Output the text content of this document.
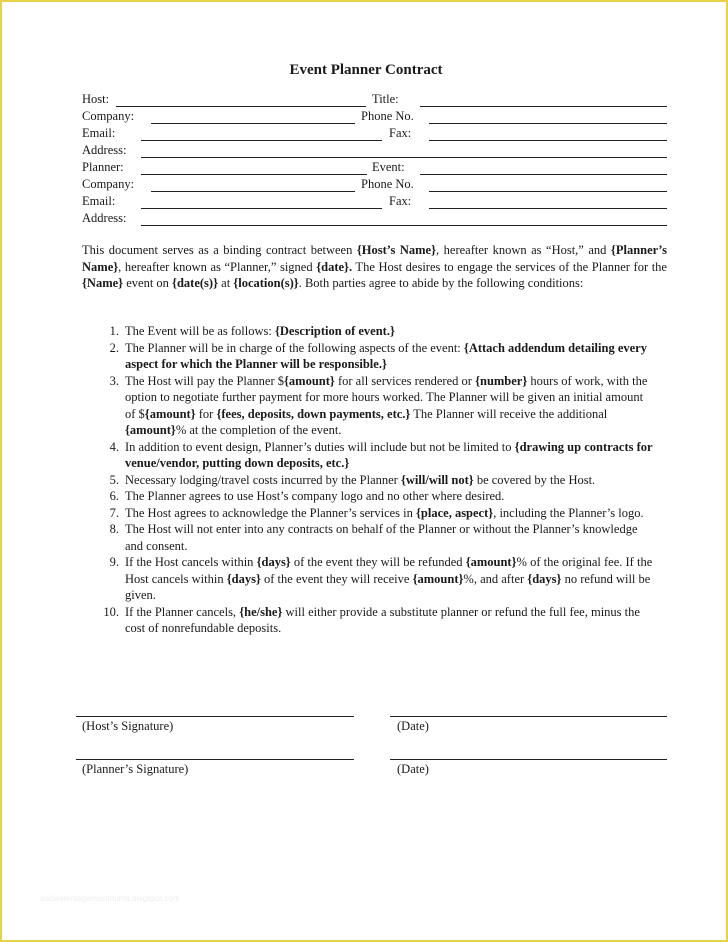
Event Planner Contract
Host:	Title:
Company:	Phone No.
Email:	Fax:
Address:
Planner:	Event:
Company:	Phone No.
Email:	Fax:
Address:
This document serves as a binding contract between {Host’s Name}, hereafter known as “Host,” and {Planner’s Name}, hereafter known as “Planner,” signed {date}. The Host desires to engage the services of the Planner for the {Name} event on {date(s)} at {location(s)}. Both parties agree to abide by the following conditions:
1. The Event will be as follows: {Description of event.}
2. The Planner will be in charge of the following aspects of the event: {Attach addendum detailing every aspect for which the Planner will be responsible.}
3. The Host will pay the Planner ${amount} for all services rendered or {number} hours of work, with the option to negotiate further payment for more hours worked. The Planner will be given an initial amount of ${amount} for {fees, deposits, down payments, etc.} The Planner will receive the additional {amount}% at the completion of the event.
4. In addition to event design, Planner’s duties will include but not be limited to {drawing up contracts for venue/vendor, putting down deposits, etc.}
5. Necessary lodging/travel costs incurred by the Planner {will/will not} be covered by the Host.
6. The Planner agrees to use Host’s company logo and no other where desired.
7. The Host agrees to acknowledge the Planner’s services in {place, aspect}, including the Planner’s logo.
8. The Host will not enter into any contracts on behalf of the Planner or without the Planner’s knowledge and consent.
9. If the Host cancels within {days} of the event they will be refunded {amount}% of the original fee. If the Host cancels within {days} of the event they will receive {amount}%, and after {days} no refund will be given.
10. If the Planner cancels, {he/she} will either provide a substitute planner or refund the full fee, minus the cost of nonrefundable deposits.
(Host’s Signature)	(Date)
(Planner’s Signature)	(Date)
addwatersagemastmuma.blogspot.com
